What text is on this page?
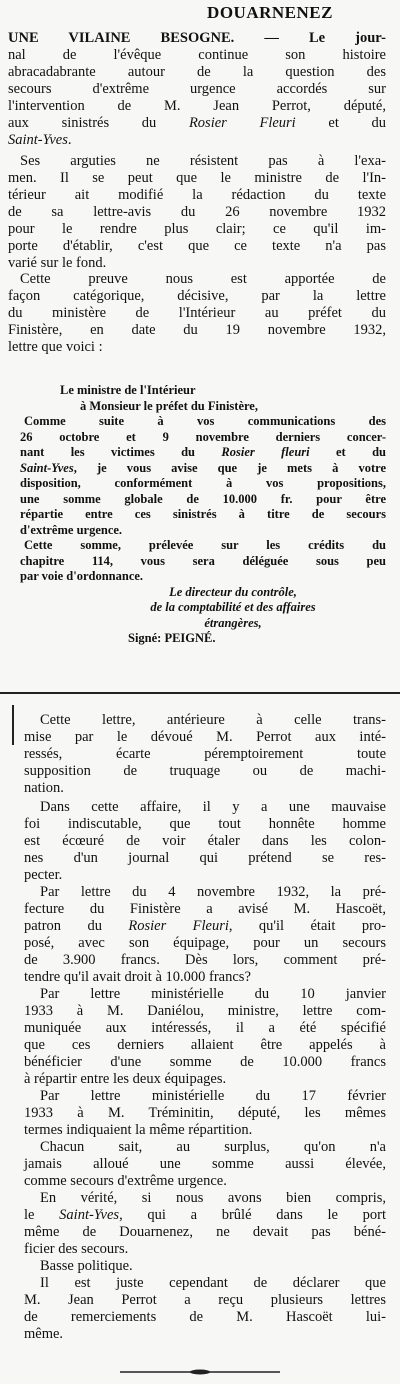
DOUARNENEZ
UNE VILAINE BESOGNE. — Le jour-
nal de l'évêque continue son histoire
abracadabrante autour de la question des
secours d'extrême urgence accordés sur
l'intervention de M. Jean Perrot, député,
aux sinistrés du Rosier Fleuri et du
Saint-Yves.
Ses arguties ne résistent pas à l'exa-
men. Il se peut que le ministre de l'In-
térieur ait modifié la rédaction du texte
de sa lettre-avis du 26 novembre 1932
pour le rendre plus clair; ce qu'il im-
porte d'établir, c'est que ce texte n'a pas
varié sur le fond.
Cette preuve nous est apportée de
façon catégorique, décisive, par la lettre
du ministère de l'Intérieur au préfet du
Finistère, en date du 19 novembre 1932,
lettre que voici :
Le ministre de l'Intérieur
à Monsieur le préfet du Finistère,
Comme suite à vos communications des
26 octobre et 9 novembre derniers concer-
nant les victimes du Rosier fleuri et du
Saint-Yves, je vous avise que je mets à votre
disposition, conformément à vos propositions,
une somme globale de 10.000 fr. pour être
répartie entre ces sinistrés à titre de secours
d'extrême urgence.
Cette somme, prélevée sur les crédits du
chapitre 114, vous sera déléguée sous peu
par voie d'ordonnance.
Le directeur du contrôle,
de la comptabilité et des affaires
étrangères,
Signé: PEIGNÉ.
Cette lettre, antérieure à celle trans-
mise par le dévoué M. Perrot aux inté-
ressés, écarte péremptoirement toute
supposition de truquage ou de machi-
nation.
Dans cette affaire, il y a une mauvaise
foi indiscutable, que tout honnête homme
est écœuré de voir étaler dans les colon-
nes d'un journal qui prétend se res-
pecter.
Par lettre du 4 novembre 1932, la pré-
fecture du Finistère a avisé M. Hascoët,
patron du Rosier Fleuri, qu'il était pro-
posé, avec son équipage, pour un secours
de 3.900 francs. Dès lors, comment pré-
tendre qu'il avait droit à 10.000 francs?
Par lettre ministérielle du 10 janvier
1933 à M. Daniélou, ministre, lettre com-
muniquée aux intéressés, il a été spécifié
que ces derniers allaient être appelés à
bénéficier d'une somme de 10.000 francs
à répartir entre les deux équipages.
Par lettre ministérielle du 17 février
1933 à M. Tréminitin, député, les mêmes
termes indiquaient la même répartition.
Chacun sait, au surplus, qu'on n'a
jamais alloué une somme aussi élevée,
comme secours d'extrême urgence.
En vérité, si nous avons bien compris,
le Saint-Yves, qui a brûlé dans le port
même de Douarnenez, ne devait pas béné-
ficier des secours.
Basse politique.
Il est juste cependant de déclarer que
M. Jean Perrot a reçu plusieurs lettres
de remerciements de M. Hascoët lui-
même.
